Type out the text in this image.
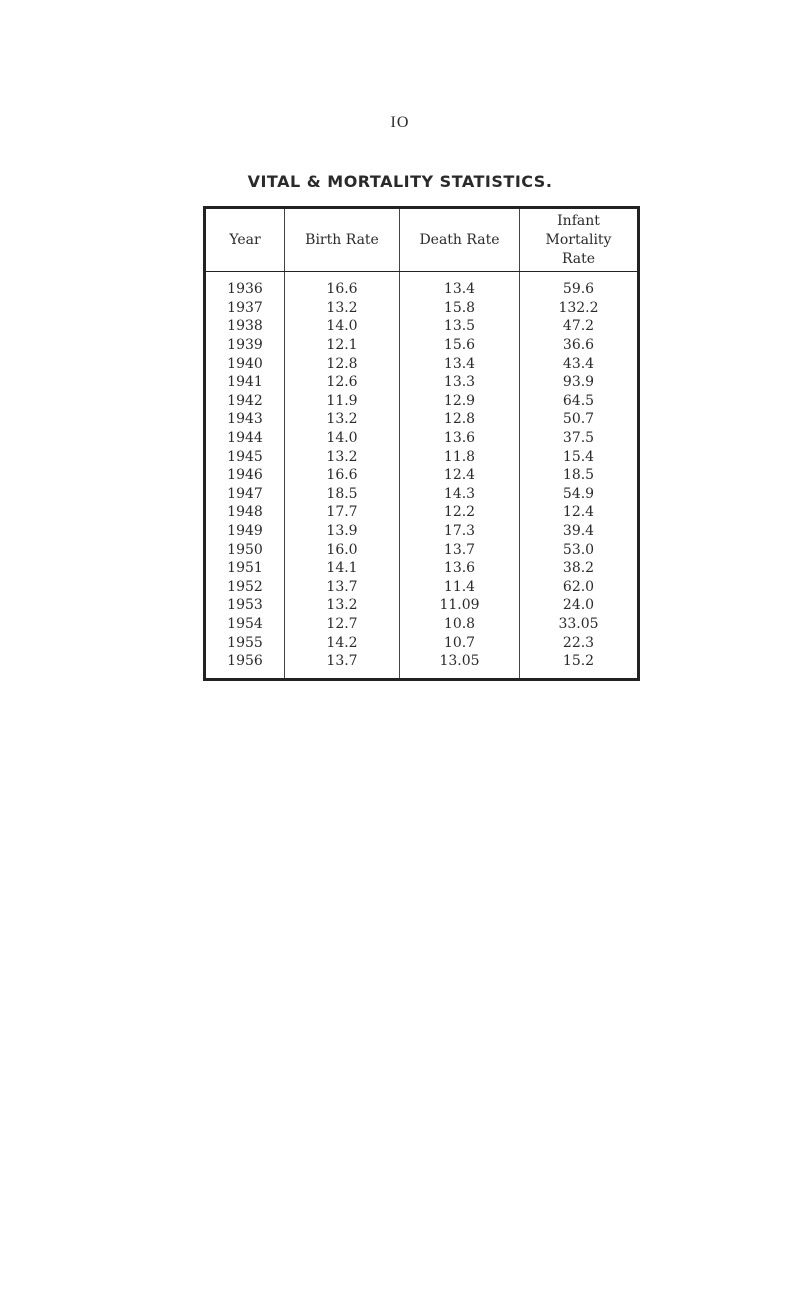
IO
VITAL & MORTALITY STATISTICS.
Year	Birth Rate	Death Rate	Infant Mortality Rate
1936	16.6	13.4	59.6
1937	13.2	15.8	132.2
1938	14.0	13.5	47.2
1939	12.1	15.6	36.6
1940	12.8	13.4	43.4
1941	12.6	13.3	93.9
1942	11.9	12.9	64.5
1943	13.2	12.8	50.7
1944	14.0	13.6	37.5
1945	13.2	11.8	15.4
1946	16.6	12.4	18.5
1947	18.5	14.3	54.9
1948	17.7	12.2	12.4
1949	13.9	17.3	39.4
1950	16.0	13.7	53.0
1951	14.1	13.6	38.2
1952	13.7	11.4	62.0
1953	13.2	11.09	24.0
1954	12.7	10.8	33.05
1955	14.2	10.7	22.3
1956	13.7	13.05	15.2
